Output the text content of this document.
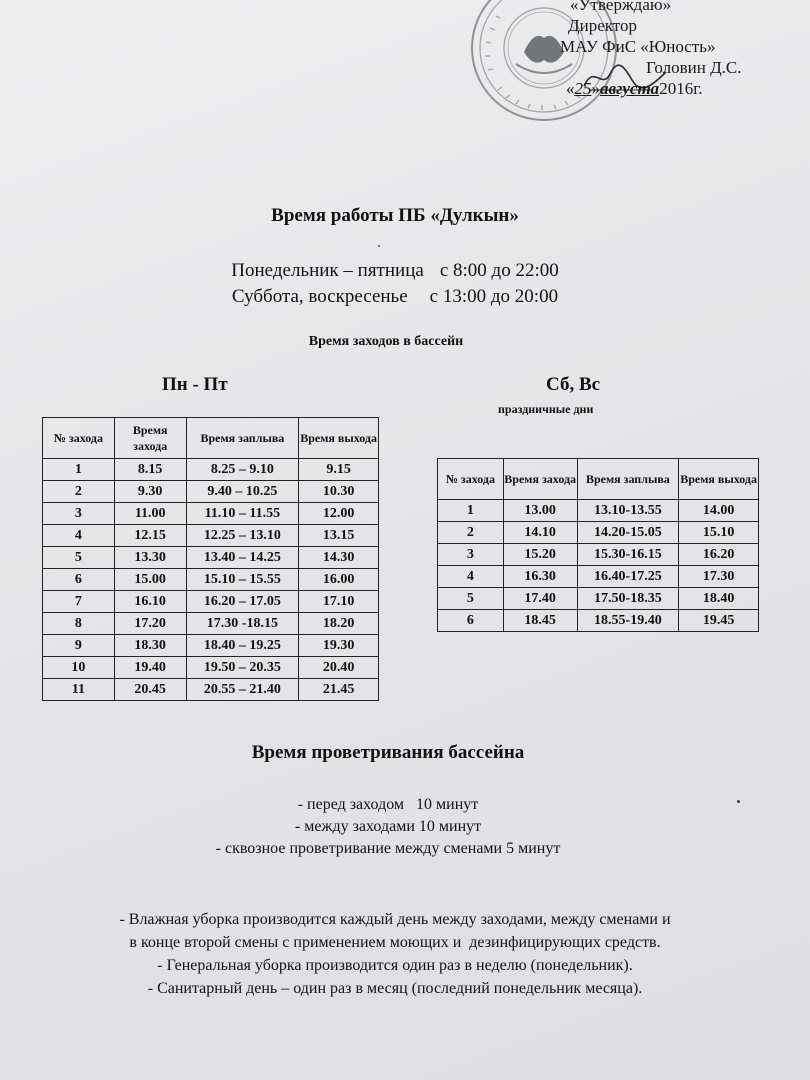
«Утверждаю»
Директор
МАУ ФиС «Юность»
Головин Д.С.
«25»августа2016г.
Время работы ПБ «Дулкын»
Понедельник – пятница с 8:00 до 22:00
Суббота, воскресенье с 13:00 до 20:00
Время заходов в бассейн
Пн - Пт	Сб, Вс
праздничные дни
№ захода	Время захода	Время заплыва	Время выхода
1	8.15	8.25 – 9.10	9.15
2	9.30	9.40 – 10.25	10.30
3	11.00	11.10 – 11.55	12.00
4	12.15	12.25 – 13.10	13.15
5	13.30	13.40 – 14.25	14.30
6	15.00	15.10 – 15.55	16.00
7	16.10	16.20 – 17.05	17.10
8	17.20	17.30 -18.15	18.20
9	18.30	18.40 – 19.25	19.30
10	19.40	19.50 – 20.35	20.40
11	20.45	20.55 – 21.40	21.45
№ захода	Время захода	Время заплыва	Время выхода
1	13.00	13.10-13.55	14.00
2	14.10	14.20-15.05	15.10
3	15.20	15.30-16.15	16.20
4	16.30	16.40-17.25	17.30
5	17.40	17.50-18.35	18.40
6	18.45	18.55-19.40	19.45
Время проветривания бассейна
- перед заходом   10 минут
- между заходами 10 минут
- сквозное проветривание между сменами 5 минут
- Влажная уборка производится каждый день между заходами, между сменами и
в конце второй смены с применением моющих и  дезинфицирующих средств.
- Генеральная уборка производится один раз в неделю (понедельник).
- Санитарный день – один раз в месяц (последний понедельник месяца).
